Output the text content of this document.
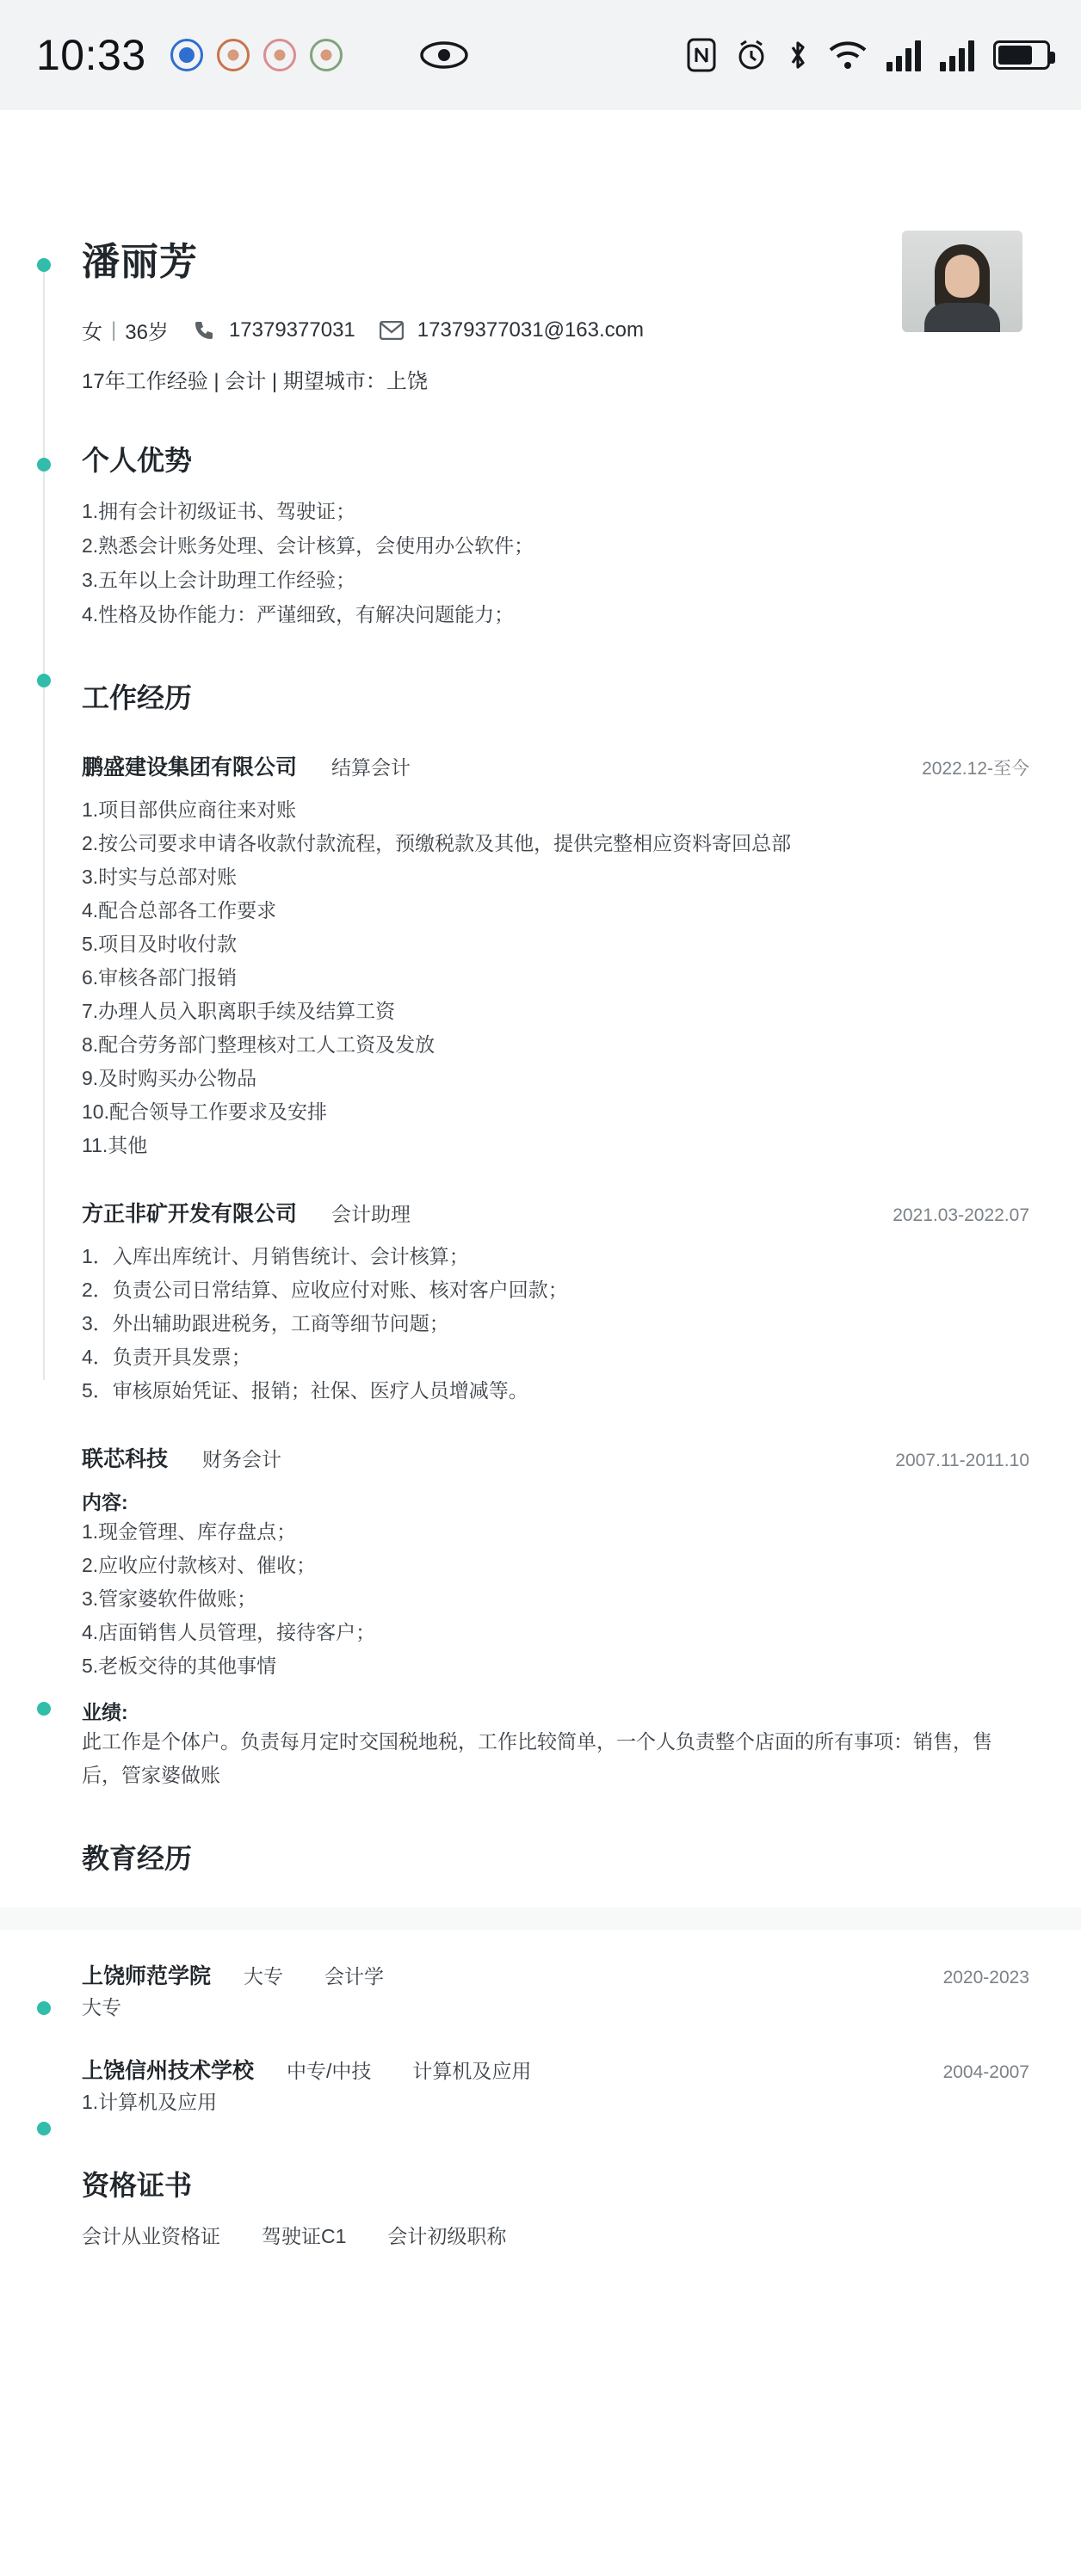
10:33
潘丽芳
女 | 36岁	17379377031	17379377031@163.com
17年工作经验 | 会计 | 期望城市：上饶
个人优势
1.拥有会计初级证书、驾驶证；
2.熟悉会计账务处理、会计核算，会使用办公软件；
3.五年以上会计助理工作经验；
4.性格及协作能力：严谨细致，有解决问题能力；
工作经历
鹏盛建设集团有限公司 结算会计	2022.12-至今
1.项目部供应商往来对账
2.按公司要求申请各收款付款流程，预缴税款及其他，提供完整相应资料寄回总部
3.时实与总部对账
4.配合总部各工作要求
5.项目及时收付款
6.审核各部门报销
7.办理人员入职离职手续及结算工资
8.配合劳务部门整理核对工人工资及发放
9.及时购买办公物品
10.配合领导工作要求及安排
11.其他
方正非矿开发有限公司 会计助理	2021.03-2022.07
1．入库出库统计、月销售统计、会计核算；
2．负责公司日常结算、应收应付对账、核对客户回款；
3．外出辅助跟进税务，工商等细节问题；
4．负责开具发票；
5．审核原始凭证、报销；社保、医疗人员增减等。
联芯科技 财务会计	2007.11-2011.10
内容:
1.现金管理、库存盘点；
2.应收应付款核对、催收；
3.管家婆软件做账；
4.店面销售人员管理，接待客户；
5.老板交待的其他事情
业绩:
此工作是个体户。负责每月定时交国税地税，工作比较简单，一个人负责整个店面的所有事项：销售，售后，管家婆做账
教育经历
上饶师范学院 大专 会计学	2020-2023
大专
上饶信州技术学校 中专/中技 计算机及应用	2004-2007
1.计算机及应用
资格证书
会计从业资格证 驾驶证C1 会计初级职称
